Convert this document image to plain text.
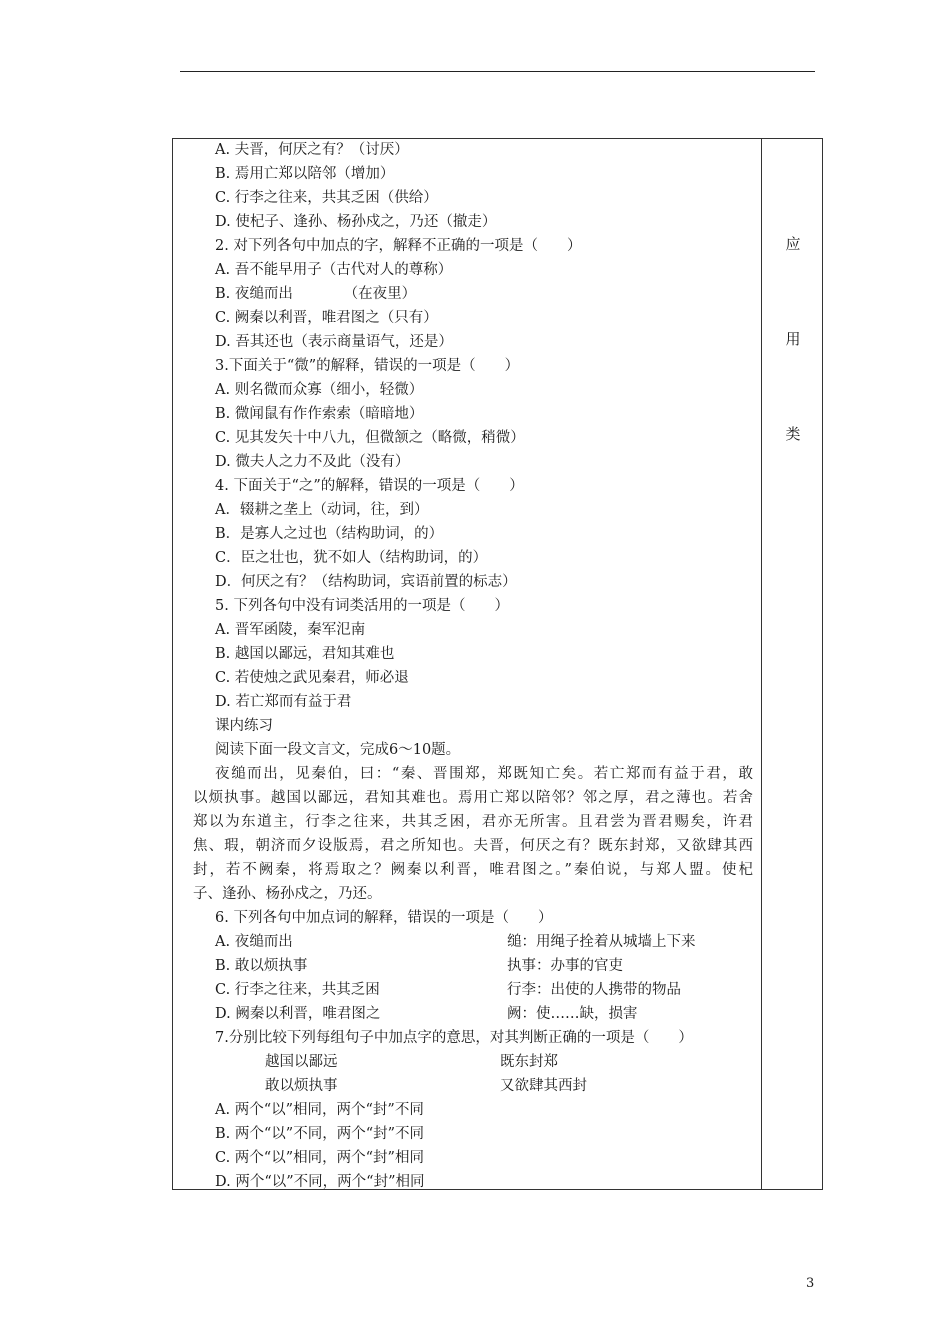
应
用
类
A. 夫晋，何厌之有？（讨厌）
B. 焉用亡郑以陪邻（增加）
C. 行李之往来，共其乏困（供给）
D. 使杞子、逢孙、杨孙戍之，乃还（撤走）
2. 对下列各句中加点的字，解释不正确的一项是（　　）
A. 吾不能早用子（古代对人的尊称）
B. 夜缒而出　　　　（在夜里）
C. 阙秦以利晋，唯君图之（只有）
D. 吾其还也（表示商量语气，还是）
3.下面关于“微”的解释，错误的一项是（　　）
A. 则名微而众寡（细小，轻微）
B. 微闻鼠有作作索索（暗暗地）
C. 见其发矢十中八九，但微颔之（略微，稍微）
D. 微夫人之力不及此（没有）
4. 下面关于“之”的解释，错误的一项是（　　）
A．辍耕之垄上（动词，往，到）
B．是寡人之过也（结构助词，的）
C．臣之壮也，犹不如人（结构助词，的）
D．何厌之有？（结构助词，宾语前置的标志）
5. 下列各句中没有词类活用的一项是（　　）
A. 晋军函陵，秦军氾南
B. 越国以鄙远，君知其难也
C. 若使烛之武见秦君，师必退
D. 若亡郑而有益于君
课内练习
阅读下面一段文言文，完成6～10题。
夜缒而出，见秦伯，曰：“秦、晋围郑，郑既知亡矣。若亡郑而有益于君，敢
以烦执事。越国以鄙远，君知其难也。焉用亡郑以陪邻？邻之厚，君之薄也。若舍
郑以为东道主，行李之往来，共其乏困，君亦无所害。且君尝为晋君赐矣，许君
焦、瑕，朝济而夕设版焉，君之所知也。夫晋，何厌之有？既东封郑，又欲肆其西
封，若不阙秦，将焉取之？阙秦以利晋，唯君图之。”秦伯说，与郑人盟。使杞
子、逢孙、杨孙戍之，乃还。
6. 下列各句中加点词的解释，错误的一项是（　　）
A. 夜缒而出	缒：用绳子拴着从城墙上下来
B. 敢以烦执事	执事：办事的官吏
C. 行李之往来，共其乏困	行李：出使的人携带的物品
D. 阙秦以利晋，唯君图之	阙：使……缺，损害
7.分别比较下列每组句子中加点字的意思，对其判断正确的一项是（　　）
越国以鄙远	既东封郑
敢以烦执事	又欲肆其西封
A. 两个“以”相同，两个“封”不同
B. 两个“以”不同，两个“封”不同
C. 两个“以”相同，两个“封”相同
D. 两个“以”不同，两个“封”相同
3
